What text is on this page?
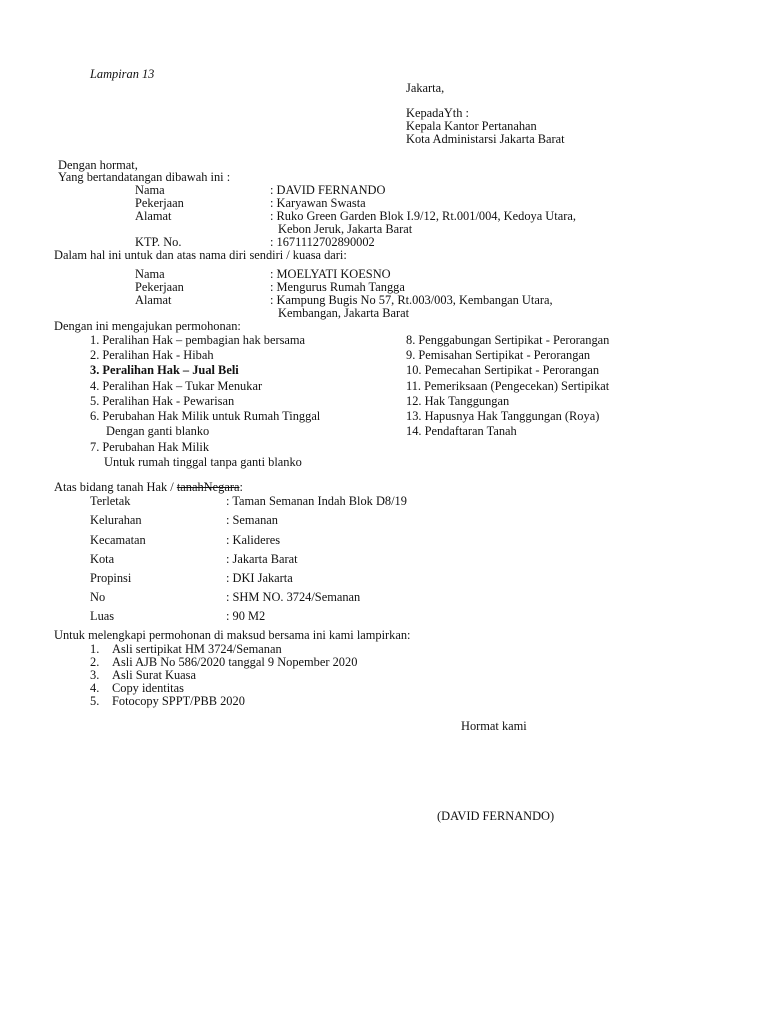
Lampiran 13
Jakarta,
KepadaYth :
Kepala Kantor Pertanahan
Kota Administarsi Jakarta Barat
Dengan hormat,
Yang bertandatangan dibawah ini :
Nama	: DAVID FERNANDO
Pekerjaan	: Karyawan Swasta
Alamat	: Ruko Green Garden Blok I.9/12, Rt.001/004, Kedoya Utara,
Kebon Jeruk, Jakarta Barat
KTP. No.	: 1671112702890002
Dalam hal ini untuk dan atas nama diri sendiri / kuasa dari:
Nama	: MOELYATI KOESNO
Pekerjaan	: Mengurus Rumah Tangga
Alamat	: Kampung Bugis No 57, Rt.003/003, Kembangan Utara,
Kembangan, Jakarta Barat
Dengan ini mengajukan permohonan:
1. Peralihan Hak – pembagian hak bersama
2. Peralihan Hak - Hibah
3. Peralihan Hak – Jual Beli
4. Peralihan Hak – Tukar Menukar
5. Peralihan Hak - Pewarisan
6. Perubahan Hak Milik untuk Rumah Tinggal
Dengan ganti blanko
7. Perubahan Hak Milik
Untuk rumah tinggal tanpa ganti blanko
8. Penggabungan Sertipikat - Perorangan
9. Pemisahan Sertipikat - Perorangan
10. Pemecahan Sertipikat - Perorangan
11. Pemeriksaan (Pengecekan) Sertipikat
12. Hak Tanggungan
13. Hapusnya Hak Tanggungan (Roya)
14. Pendaftaran Tanah
Atas bidang tanah Hak / tanahNegara:
Terletak	: Taman Semanan Indah Blok D8/19
Kelurahan	: Semanan
Kecamatan	: Kalideres
Kota	: Jakarta Barat
Propinsi	: DKI Jakarta
No	: SHM NO. 3724/Semanan
Luas	: 90 M2
Untuk melengkapi permohonan di maksud bersama ini kami lampirkan:
1. Asli sertipikat HM 3724/Semanan
2. Asli AJB No 586/2020 tanggal 9 Nopember 2020
3. Asli Surat Kuasa
4. Copy identitas
5. Fotocopy SPPT/PBB 2020
Hormat kami
(DAVID FERNANDO)
